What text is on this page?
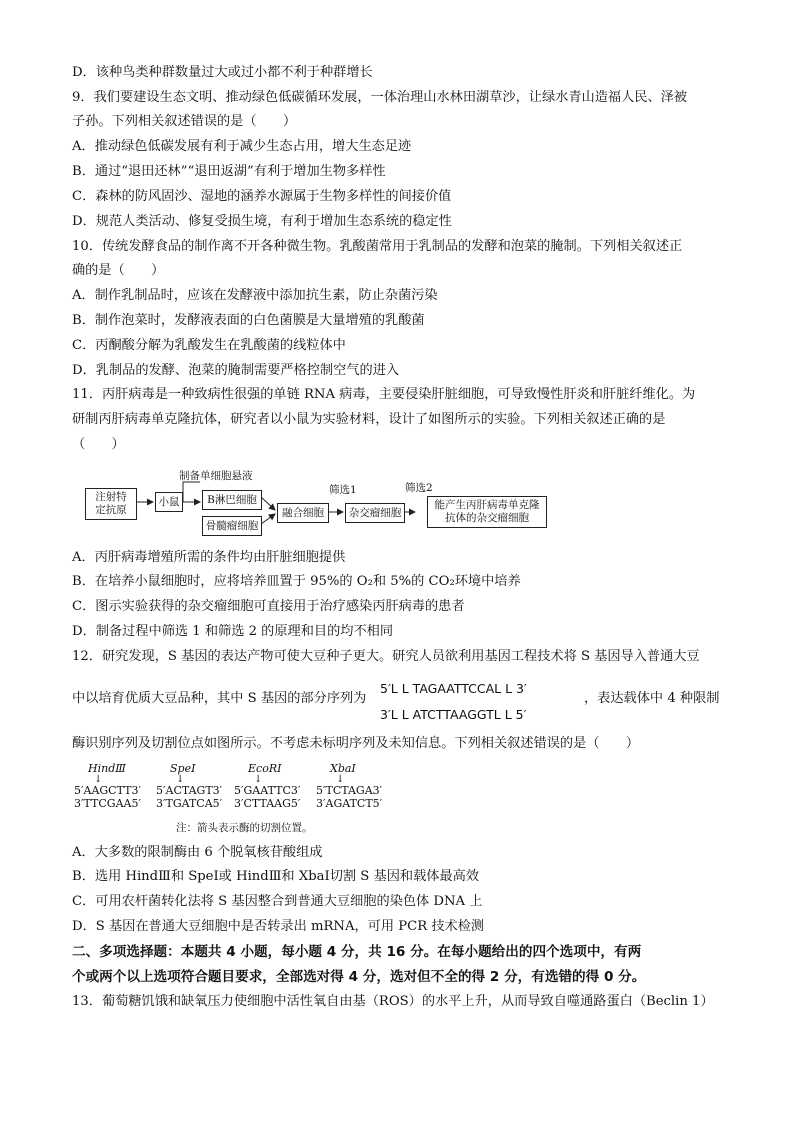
D．该种鸟类种群数量过大或过小都不利于种群增长
9．我们要建设生态文明、推动绿色低碳循环发展，一体治理山水林田湖草沙，让绿水青山造福人民、泽被
子孙。下列相关叙述错误的是（　　）
A．推动绿色低碳发展有利于减少生态占用，增大生态足迹
B．通过“退田还林”“退田返湖”有利于增加生物多样性
C．森林的防风固沙、湿地的涵养水源属于生物多样性的间接价值
D．规范人类活动、修复受损生境，有利于增加生态系统的稳定性
10．传统发酵食品的制作离不开各种微生物。乳酸菌常用于乳制品的发酵和泡菜的腌制。下列相关叙述正
确的是（　　）
A．制作乳制品时，应该在发酵液中添加抗生素，防止杂菌污染
B．制作泡菜时，发酵液表面的白色菌膜是大量增殖的乳酸菌
C．丙酮酸分解为乳酸发生在乳酸菌的线粒体中
D．乳制品的发酵、泡菜的腌制需要严格控制空气的进入
11．丙肝病毒是一种致病性很强的单链 RNA 病毒，主要侵染肝脏细胞，可导致慢性肝炎和肝脏纤维化。为
研制丙肝病毒单克隆抗体，研究者以小鼠为实验材料，设计了如图所示的实验。下列相关叙述正确的是
（　　）
注射特定抗原
小鼠
制备单细胞悬液
B淋巴细胞
骨髓瘤细胞
融合细胞
筛选1
杂交瘤细胞
筛选2
能产生丙肝病毒单克隆抗体的杂交瘤细胞
A．丙肝病毒增殖所需的条件均由肝脏细胞提供
B．在培养小鼠细胞时，应将培养皿置于 95%的 O₂和 5%的 CO₂环境中培养
C．图示实验获得的杂交瘤细胞可直接用于治疗感染丙肝病毒的患者
D．制备过程中筛选 1 和筛选 2 的原理和目的均不相同
12．研究发现，S 基因的表达产物可使大豆种子更大。研究人员欲利用基因工程技术将 S 基因导入普通大豆
中以培育优质大豆品种，其中 S 基因的部分序列为
5′L L TAGAATTCCAL L 3′
3′L L ATCTTAAGGTL L 5′
，表达载体中 4 种限制
酶识别序列及切割位点如图所示。不考虑未标明序列及未知信息。下列相关叙述错误的是（　　）
HindⅢ
↓
5′AAGCTT3′
3′TTCGAA5′
SpeⅠ
↓
5′ACTAGT3′
3′TGATCA5′
EcoRⅠ
↓
5′GAATTC3′
3′CTTAAG5′
XbaⅠ
↓
5′TCTAGA3′
3′AGATCT5′
注：箭头表示酶的切割位置。
A．大多数的限制酶由 6 个脱氧核苷酸组成
B．选用 HindⅢ和 SpeⅠ或 HindⅢ和 XbaⅠ切割 S 基因和载体最高效
C．可用农杆菌转化法将 S 基因整合到普通大豆细胞的染色体 DNA 上
D．S 基因在普通大豆细胞中是否转录出 mRNA，可用 PCR 技术检测
二、多项选择题：本题共 4 小题，每小题 4 分，共 16 分。在每小题给出的四个选项中，有两
个或两个以上选项符合题目要求，全部选对得 4 分，选对但不全的得 2 分，有选错的得 0 分。
13．葡萄糖饥饿和缺氧压力使细胞中活性氧自由基（ROS）的水平上升，从而导致自噬通路蛋白（Beclin 1）
